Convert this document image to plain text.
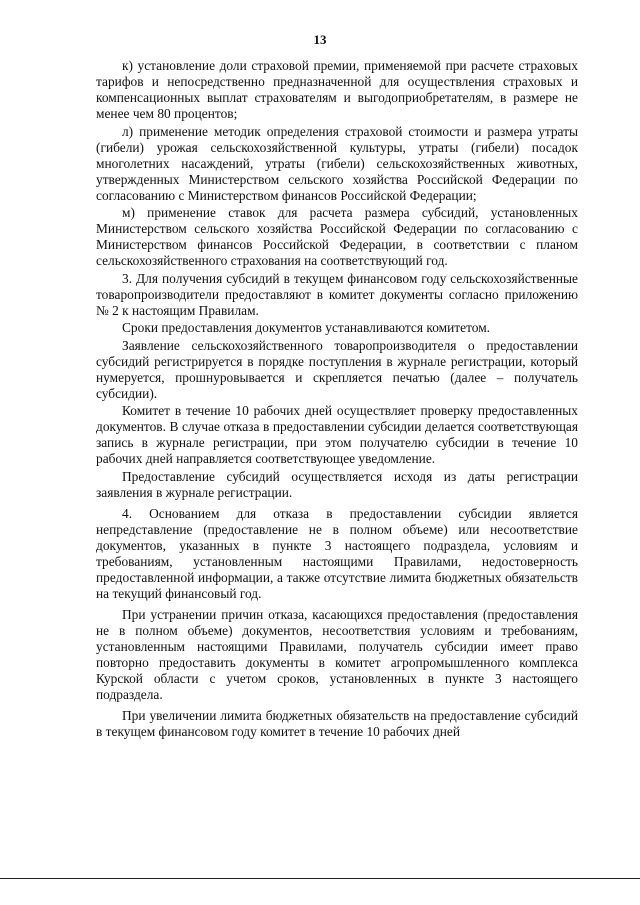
13

к) установление доли страховой премии, применяемой при расчете страховых тарифов и непосредственно предназначенной для осуществления страховых и компенсационных выплат страхователям и выгодоприобретателям, в размере не менее чем 80 процентов;

л) применение методик определения страховой стоимости и размера утраты (гибели) урожая сельскохозяйственной культуры, утраты (гибели) посадок многолетних насаждений, утраты (гибели) сельскохозяйственных животных, утвержденных Министерством сельского хозяйства Российской Федерации по согласованию с Министерством финансов Российской Федерации;

м) применение ставок для расчета размера субсидий, установленных Министерством сельского хозяйства Российской Федерации по согласованию с Министерством финансов Российской Федерации, в соответствии с планом сельскохозяйственного страхования на соответствующий год.

3. Для получения субсидий в текущем финансовом году сельскохозяйственные товаропроизводители предоставляют в комитет документы согласно приложению № 2 к настоящим Правилам.

Сроки предоставления документов устанавливаются комитетом.

Заявление сельскохозяйственного товаропроизводителя о предоставлении субсидий регистрируется в порядке поступления в журнале регистрации, который нумеруется, прошнуровывается и скрепляется печатью (далее – получатель субсидии).

Комитет в течение 10 рабочих дней осуществляет проверку предоставленных документов. В случае отказа в предоставлении субсидии делается соответствующая запись в журнале регистрации, при этом получателю субсидии в течение 10 рабочих дней направляется соответствующее уведомление.

Предоставление субсидий осуществляется исходя из даты регистрации заявления в журнале регистрации.

4. Основанием для отказа в предоставлении субсидии является непредставление (предоставление не в полном объеме) или несоответствие документов, указанных в пункте 3 настоящего подраздела, условиям и требованиям, установленным настоящими Правилами, недостоверность предоставленной информации, а также отсутствие лимита бюджетных обязательств на текущий финансовый год.

При устранении причин отказа, касающихся предоставления (предоставления не в полном объеме) документов, несоответствия условиям и требованиям, установленным настоящими Правилами, получатель субсидии имеет право повторно предоставить документы в комитет агропромышленного комплекса Курской области с учетом сроков, установленных в пункте 3 настоящего подраздела.

При увеличении лимита бюджетных обязательств на предоставление субсидий в текущем финансовом году комитет в течение 10 рабочих дней
